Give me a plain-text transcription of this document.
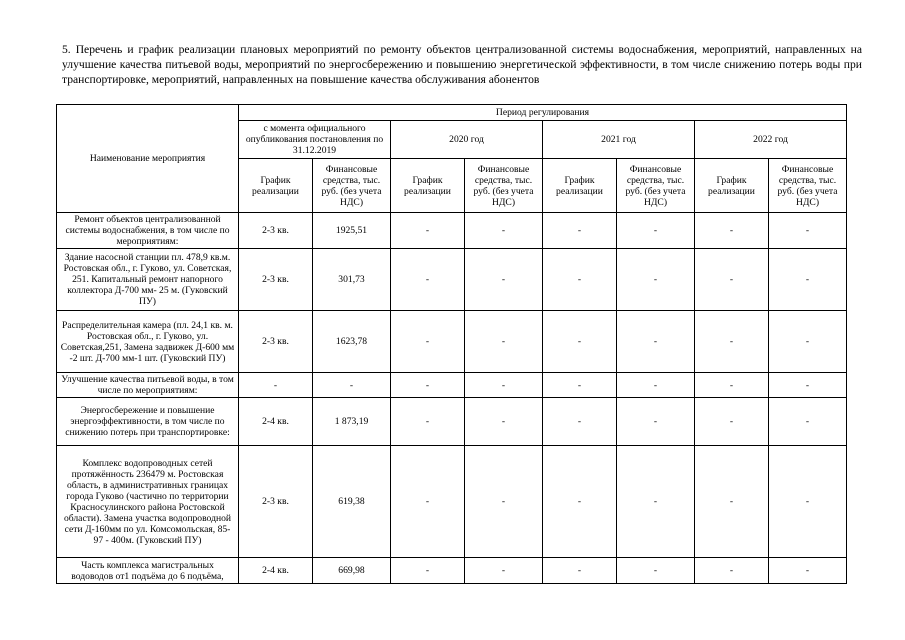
5. Перечень и график реализации плановых мероприятий по ремонту объектов централизованной системы водоснабжения, мероприятий, направленных на улучшение качества питьевой воды, мероприятий по энергосбережению и повышению энергетической эффективности, в том числе снижению потерь воды при транспортировке, мероприятий, направленных на повышение качества обслуживания абонентов
Наименование мероприятия	Период регулирования							
	с момента официального опубликования постановления по 31.12.2019		2020 год		2021 год		2022 год	
	График реализации	Финансовые средства, тыс. руб. (без учета НДС)	График реализации	Финансовые средства, тыс. руб. (без учета НДС)	График реализации	Финансовые средства, тыс. руб. (без учета НДС)	График реализации	Финансовые средства, тыс. руб. (без учета НДС)
Ремонт объектов централизованной системы водоснабжения, в том числе по мероприятиям:	2-3 кв.	1925,51	-	-	-	-	-	-
Здание насосной станции пл. 478,9 кв.м. Ростовская обл., г. Гуково, ул. Советская, 251. Капитальный ремонт напорного коллектора Д-700 мм- 25 м. (Гуковский ПУ)	2-3 кв.	301,73	-	-	-	-	-	-
Распределительная камера (пл. 24,1 кв. м. Ростовская обл., г. Гуково, ул. Советская,251, Замена задвижек Д-600 мм -2 шт. Д-700 мм-1 шт. (Гуковский ПУ)	2-3 кв.	1623,78	-	-	-	-	-	-
Улучшение качества питьевой воды, в том числе по мероприятиям:	-	-	-	-	-	-	-	-
Энергосбережение и повышение энергоэффективности, в том числе по снижению потерь при транспортировке:	2-4 кв.	1 873,19	-	-	-	-	-	-
Комплекс водопроводных сетей протяжённость 236479 м. Ростовская область, в административных границах города Гуково (частично по территории Красносулинского района Ростовской области). Замена участка водопроводной сети Д-160мм по ул. Комсомольская, 85-97 - 400м. (Гуковский ПУ)	2-3 кв.	619,38	-	-	-	-	-	-
Часть комплекса магистральных водоводов от1 подъёма до 6 подъёма,	2-4 кв.	669,98	-	-	-	-	-	-
